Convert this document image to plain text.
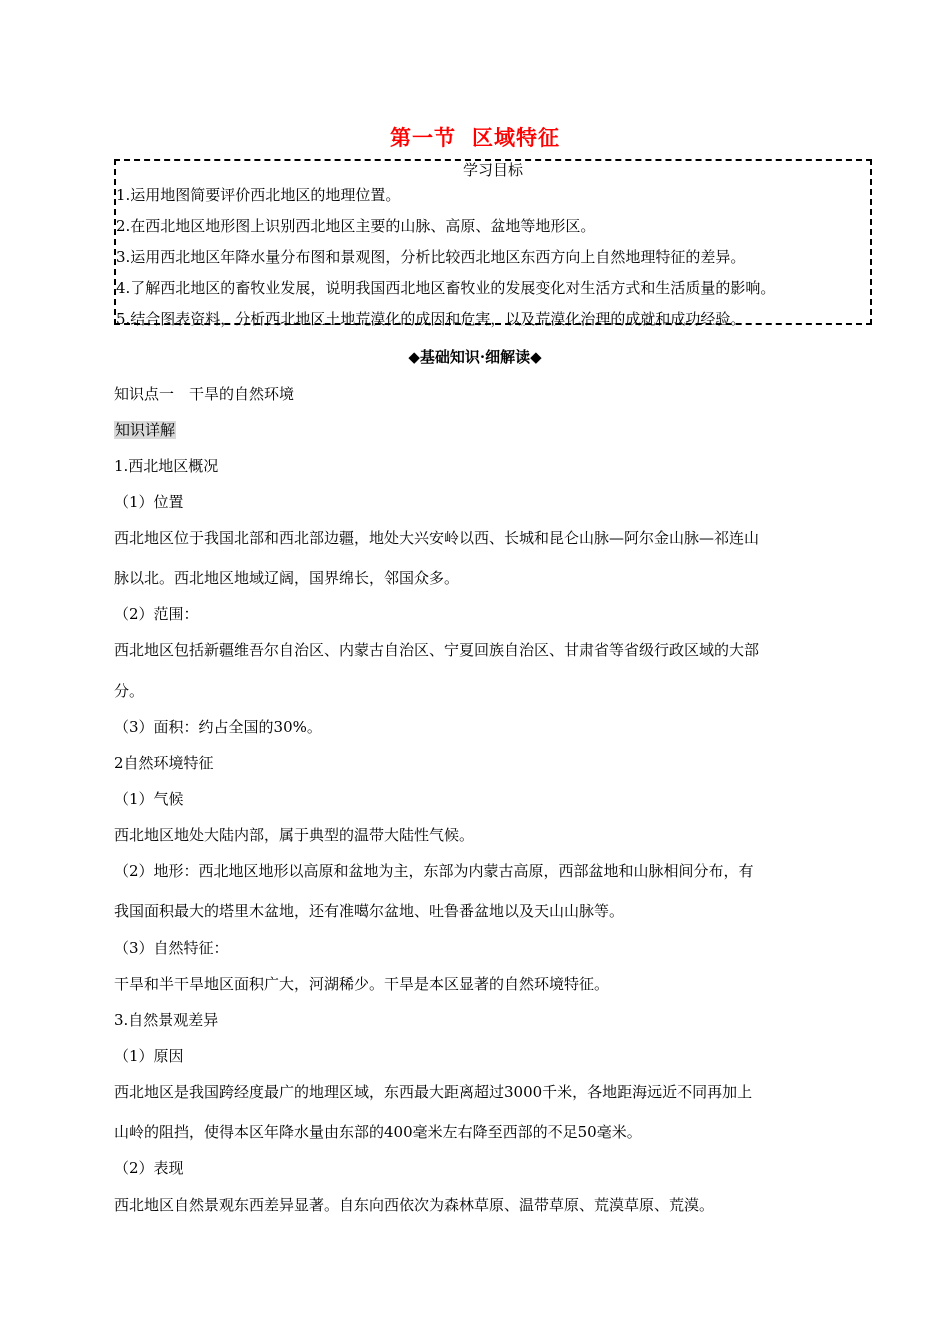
第一节 区域特征
学习目标
1.运用地图简要评价西北地区的地理位置。
2.在西北地区地形图上识别西北地区主要的山脉、高原、盆地等地形区。
3.运用西北地区年降水量分布图和景观图，分析比较西北地区东西方向上自然地理特征的差异。
4.了解西北地区的畜牧业发展，说明我国西北地区畜牧业的发展变化对生活方式和生活质量的影响。
5.结合图表资料，分析西北地区土地荒漠化的成因和危害，以及荒漠化治理的成就和成功经验。
◆基础知识·细解读◆
知识点一　干旱的自然环境
知识详解
1.西北地区概况
（1）位置
西北地区位于我国北部和西北部边疆，地处大兴安岭以西、长城和昆仑山脉—阿尔金山脉—祁连山
脉以北。西北地区地域辽阔，国界绵长，邻国众多。
（2）范围：
西北地区包括新疆维吾尔自治区、内蒙古自治区、宁夏回族自治区、甘肃省等省级行政区域的大部
分。
（3）面积：约占全国的30%。
2自然环境特征
（1）气候
西北地区地处大陆内部，属于典型的温带大陆性气候。
（2）地形：西北地区地形以高原和盆地为主，东部为内蒙古高原，西部盆地和山脉相间分布，有
我国面积最大的塔里木盆地，还有准噶尔盆地、吐鲁番盆地以及天山山脉等。
（3）自然特征：
干旱和半干旱地区面积广大，河湖稀少。干旱是本区显著的自然环境特征。
3.自然景观差异
（1）原因
西北地区是我国跨经度最广的地理区域，东西最大距离超过3000千米，各地距海远近不同再加上
山岭的阻挡，使得本区年降水量由东部的400毫米左右降至西部的不足50毫米。
（2）表现
西北地区自然景观东西差异显著。自东向西依次为森林草原、温带草原、荒漠草原、荒漠。
